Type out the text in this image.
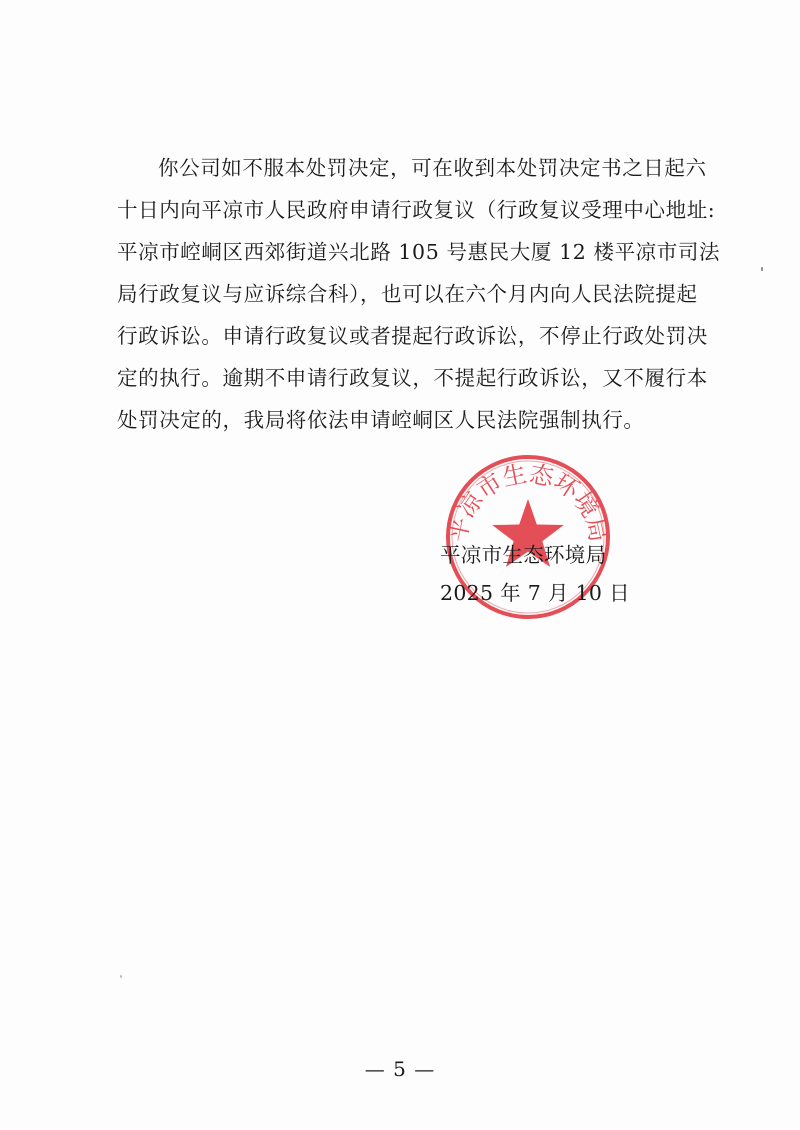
你公司如不服本处罚决定，可在收到本处罚决定书之日起六
十日内向平凉市人民政府申请行政复议（行政复议受理中心地址:
平凉市崆峒区西郊街道兴北路 105 号惠民大厦 12 楼平凉市司法
局行政复议与应诉综合科），也可以在六个月内向人民法院提起
行政诉讼。申请行政复议或者提起行政诉讼，不停止行政处罚决
定的执行。逾期不申请行政复议，不提起行政诉讼，又不履行本
处罚决定的，我局将依法申请崆峒区人民法院强制执行。
平凉市生态环境局
平凉市生态环境局
2025 年 7 月 10 日
— 5 —
